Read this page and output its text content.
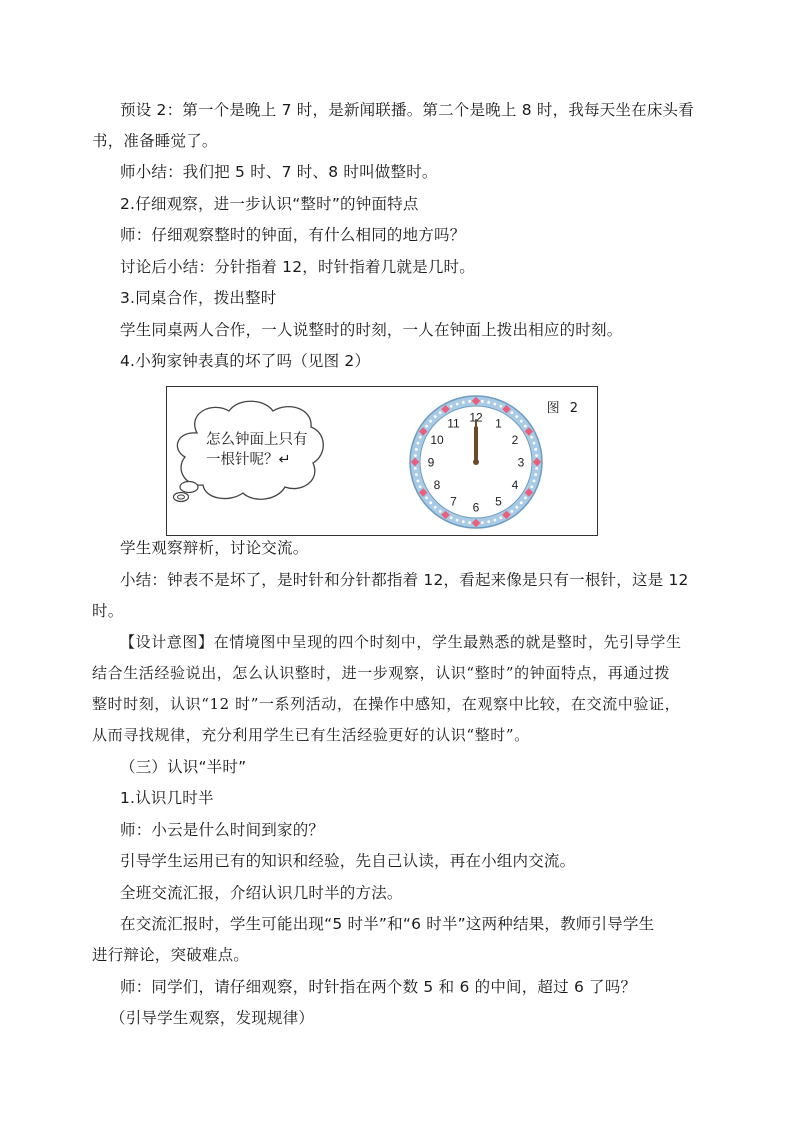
预设 2：第一个是晚上 7 时，是新闻联播。第二个是晚上 8 时，我每天坐在床头看
书，准备睡觉了。
师小结：我们把 5 时、7 时、8 时叫做整时。
2.仔细观察，进一步认识“整时”的钟面特点
师：仔细观察整时的钟面，有什么相同的地方吗？
讨论后小结：分针指着 12，时针指着几就是几时。
3.同桌合作，拨出整时
学生同桌两人合作，一人说整时的时刻，一人在钟面上拨出相应的时刻。
4.小狗家钟表真的坏了吗（见图 2）
怎么钟面上只有
一根针呢？↵
12 1
2
3
4
5
6
7
8
9
10
11
图 2
学生观察辩析，讨论交流。
小结：钟表不是坏了，是时针和分针都指着 12，看起来像是只有一根针，这是 12
时。
【设计意图】在情境图中呈现的四个时刻中，学生最熟悉的就是整时，先引导学生
结合生活经验说出，怎么认识整时，进一步观察，认识“整时”的钟面特点，再通过拨
整时时刻，认识“12 时”一系列活动，在操作中感知，在观察中比较，在交流中验证，
从而寻找规律，充分利用学生已有生活经验更好的认识“整时”。
（三）认识“半时”
1.认识几时半
师：小云是什么时间到家的？
引导学生运用已有的知识和经验，先自己认读，再在小组内交流。
全班交流汇报，介绍认识几时半的方法。
在交流汇报时，学生可能出现“5 时半”和“6 时半”这两种结果，教师引导学生
进行辩论，突破难点。
师：同学们，请仔细观察，时针指在两个数 5 和 6 的中间，超过 6 了吗？
（引导学生观察，发现规律）
